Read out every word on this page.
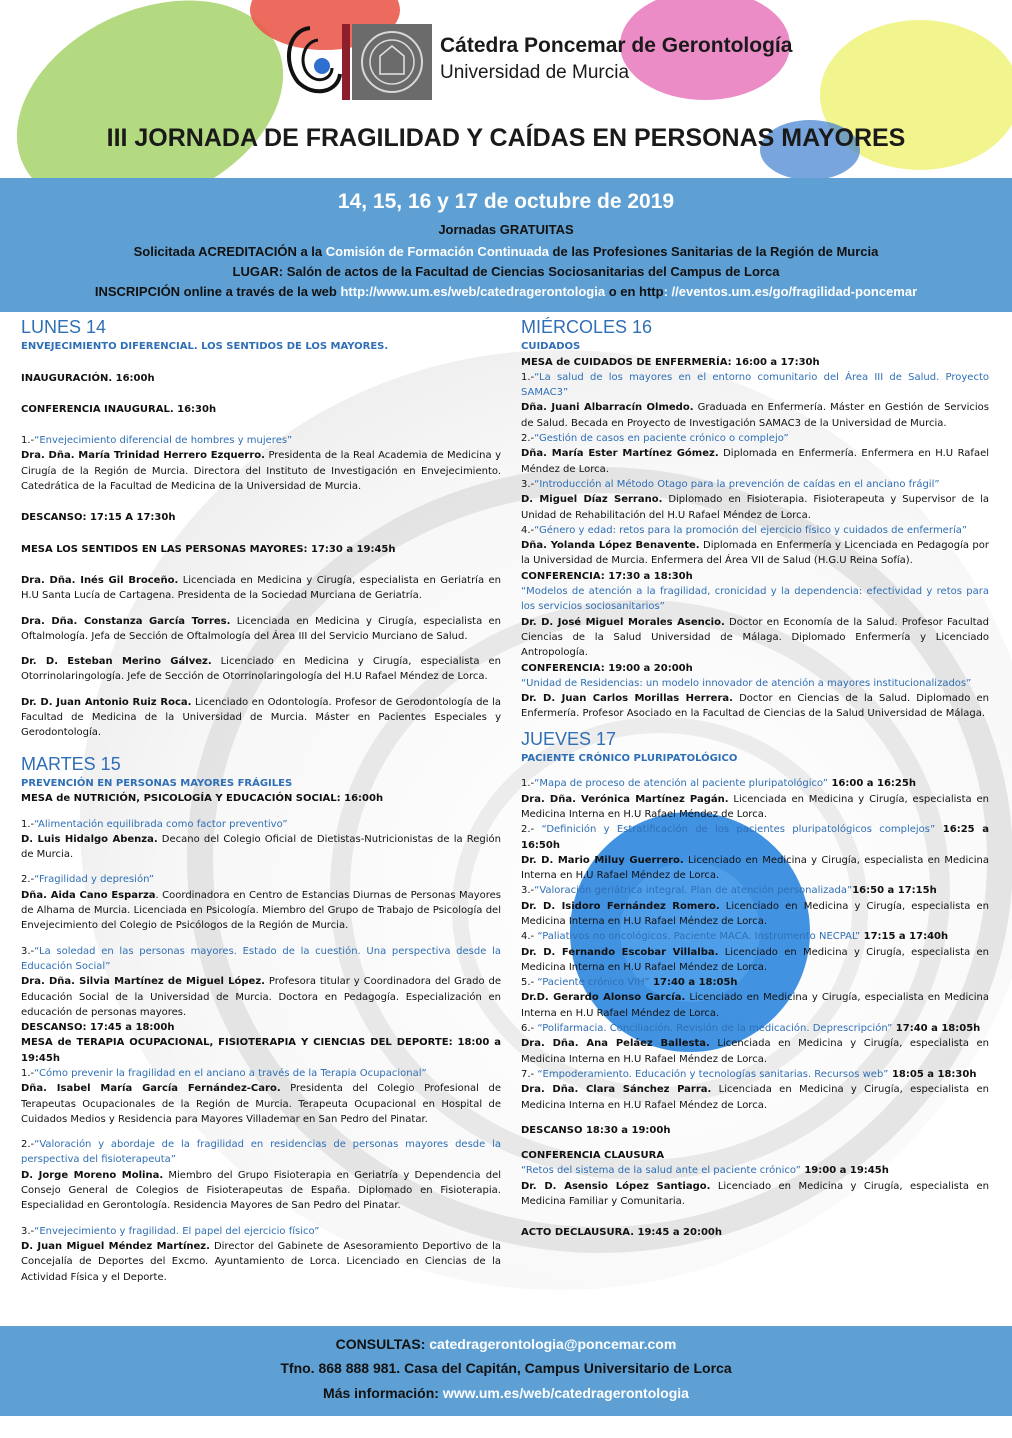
Cátedra Poncemar de Gerontología
Universidad de Murcia
III JORNADA DE FRAGILIDAD Y CAÍDAS EN PERSONAS MAYORES
14, 15, 16 y 17 de octubre de 2019
Jornadas GRATUITAS
Solicitada ACREDITACIÓN a la Comisión de Formación Continuada de las Profesiones Sanitarias de la Región de Murcia
LUGAR: Salón de actos de la Facultad de Ciencias Sociosanitarias del Campus de Lorca
INSCRIPCIÓN online a través de la web http://www.um.es/web/catedragerontologia o en http: //eventos.um.es/go/fragilidad-poncemar
LUNES 14

ENVEJECIMIENTO DIFERENCIAL. LOS SENTIDOS DE LOS MAYORES.

INAUGURACIÓN. 16:00h

CONFERENCIA INAUGURAL. 16:30h

1.-“Envejecimiento diferencial de hombres y mujeres”

Dra. Dña. María Trinidad Herrero Ezquerro. Presidenta de la Real Academia de Medicina y Cirugía de la Región de Murcia. Directora del Instituto de Investigación en Envejecimiento. Catedrática de la Facultad de Medicina de la Universidad de Murcia.

DESCANSO: 17:15 A 17:30h

MESA LOS SENTIDOS EN LAS PERSONAS MAYORES: 17:30 a 19:45h

Dra. Dña. Inés Gil Broceño. Licenciada en Medicina y Cirugía, especialista en Geriatría en H.U Santa Lucía de Cartagena. Presidenta de la Sociedad Murciana de Geriatría.

Dra. Dña. Constanza García Torres. Licenciada en Medicina y Cirugía, especialista en Oftalmología. Jefa de Sección de Oftalmología del Área III del Servicio Murciano de Salud.

Dr. D. Esteban Merino Gálvez. Licenciado en Medicina y Cirugía, especialista en Otorrinolaringología. Jefe de Sección de Otorrinolaringología del H.U Rafael Méndez de Lorca.

Dr. D. Juan Antonio Ruiz Roca. Licenciado en Odontología. Profesor de Gerodontología de la Facultad de Medicina de la Universidad de Murcia. Máster en Pacientes Especiales y Gerodontología.

MARTES 15

PREVENCIÓN EN PERSONAS MAYORES FRÁGILES

MESA de NUTRICIÓN, PSICOLOGÍA Y EDUCACIÓN SOCIAL: 16:00h

1.-“Alimentación equilibrada como factor preventivo”

D. Luis Hidalgo Abenza. Decano del Colegio Oficial de Dietistas-Nutricionistas de la Región de Murcia.

2.-“Fragilidad y depresión”

Dña. Aida Cano Esparza. Coordinadora en Centro de Estancias Diurnas de Personas Mayores de Alhama de Murcia. Licenciada en Psicología. Miembro del Grupo de Trabajo de Psicología del Envejecimiento del Colegio de Psicólogos de la Región de Murcia.

3.-“La soledad en las personas mayores. Estado de la cuestión. Una perspectiva desde la Educación Social”

Dra. Dña. Silvia Martínez de Miguel López. Profesora titular y Coordinadora del Grado de Educación Social de la Universidad de Murcia. Doctora en Pedagogía. Especialización en educación de personas mayores.

DESCANSO: 17:45 a 18:00h

MESA de TERAPIA OCUPACIONAL, FISIOTERAPIA Y CIENCIAS DEL DEPORTE: 18:00 a 19:45h

1.-“Cómo prevenir la fragilidad en el anciano a través de la Terapia Ocupacional”

Dña. Isabel María García Fernández-Caro. Presidenta del Colegio Profesional de Terapeutas Ocupacionales de la Región de Murcia. Terapeuta Ocupacional en Hospital de Cuidados Medios y Residencia para Mayores Villademar en San Pedro del Pinatar.

2.-“Valoración y abordaje de la fragilidad en residencias de personas mayores desde la perspectiva del fisioterapeuta”

D. Jorge Moreno Molina. Miembro del Grupo Fisioterapia en Geriatría y Dependencia del Consejo General de Colegios de Fisioterapeutas de España. Diplomado en Fisioterapia. Especialidad en Gerontología. Residencia Mayores de San Pedro del Pinatar.

3.-“Envejecimiento y fragilidad. El papel del ejercicio físico”

D. Juan Miguel Méndez Martínez. Director del Gabinete de Asesoramiento Deportivo de la Concejalía de Deportes del Excmo. Ayuntamiento de Lorca. Licenciado en Ciencias de la Actividad Física y el Deporte.

MIÉRCOLES 16

CUIDADOS

MESA de CUIDADOS DE ENFERMERÍA: 16:00 a 17:30h

1.-“La salud de los mayores en el entorno comunitario del Área III de Salud. Proyecto SAMAC3”

Dña. Juani Albarracín Olmedo. Graduada en Enfermería. Máster en Gestión de Servicios de Salud. Becada en Proyecto de Investigación SAMAC3 de la Universidad de Murcia.

2.-“Gestión de casos en paciente crónico o complejo”

Dña. María Ester Martínez Gómez. Diplomada en Enfermería. Enfermera en H.U Rafael Méndez de Lorca.

3.-“Introducción al Método Otago para la prevención de caídas en el anciano frágil”

D. Miguel Díaz Serrano. Diplomado en Fisioterapia. Fisioterapeuta y Supervisor de la Unidad de Rehabilitación del H.U Rafael Méndez de Lorca.

4.-“Género y edad: retos para la promoción del ejercicio físico y cuidados de enfermería”

Dña. Yolanda López Benavente. Diplomada en Enfermería y Licenciada en Pedagogía por la Universidad de Murcia. Enfermera del Área VII de Salud (H.G.U Reina Sofía).

CONFERENCIA: 17:30 a 18:30h

“Modelos de atención a la fragilidad, cronicidad y la dependencia: efectividad y retos para los servicios sociosanitarios”

Dr. D. José Miguel Morales Asencio. Doctor en Economía de la Salud. Profesor Facultad Ciencias de la Salud Universidad de Málaga. Diplomado Enfermería y Licenciado Antropología.

CONFERENCIA: 19:00 a 20:00h

“Unidad de Residencias: un modelo innovador de atención a mayores institucionalizados”

Dr. D. Juan Carlos Morillas Herrera. Doctor en Ciencias de la Salud. Diplomado en Enfermería. Profesor Asociado en la Facultad de Ciencias de la Salud Universidad de Málaga.

JUEVES 17

PACIENTE CRÓNICO PLURIPATOLÓGICO

1.-“Mapa de proceso de atención al paciente pluripatológico” 16:00 a 16:25h

Dra. Dña. Verónica Martínez Pagán. Licenciada en Medicina y Cirugía, especialista en Medicina Interna en H.U Rafael Méndez de Lorca.

2.- “Definición y Estratificación de los pacientes pluripatológicos complejos” 16:25 a 16:50h

Dr. D. Mario Miluy Guerrero. Licenciado en Medicina y Cirugía, especialista en Medicina Interna en H.U Rafael Méndez de Lorca.

3.-“Valoración geriátrica integral. Plan de atención personalizada”16:50 a 17:15h

Dr. D. Isidoro Fernández Romero. Licenciado en Medicina y Cirugía, especialista en Medicina Interna en H.U Rafael Méndez de Lorca.

4.- “Paliativos no oncológicos. Paciente MACA. Instrumento NECPAL” 17:15 a 17:40h

Dr. D. Fernando Escobar Villalba. Licenciado en Medicina y Cirugía, especialista en Medicina Interna en H.U Rafael Méndez de Lorca.

5.- “Paciente crónico VIH” 17:40 a 18:05h

Dr.D. Gerardo Alonso García. Licenciado en Medicina y Cirugía, especialista en Medicina Interna en H.U Rafael Méndez de Lorca.

6.- “Polifarmacia. Conciliación. Revisión de la medicación. Deprescripción” 17:40 a 18:05h

Dra. Dña. Ana Peláez Ballesta. Licenciada en Medicina y Cirugía, especialista en Medicina Interna en H.U Rafael Méndez de Lorca.

7.- “Empoderamiento. Educación y tecnologías sanitarias. Recursos web” 18:05 a 18:30h

Dra. Dña. Clara Sánchez Parra. Licenciada en Medicina y Cirugía, especialista en Medicina Interna en H.U Rafael Méndez de Lorca.

DESCANSO 18:30 a 19:00h

CONFERENCIA CLAUSURA

“Retos del sistema de la salud ante el paciente crónico” 19:00 a 19:45h

Dr. D. Asensio López Santiago. Licenciado en Medicina y Cirugía, especialista en Medicina Familiar y Comunitaria.

ACTO DECLAUSURA. 19:45 a 20:00h

CONSULTAS: catedragerontologia@poncemar.com
Tfno. 868 888 981. Casa del Capitán, Campus Universitario de Lorca
Más información: www.um.es/web/catedragerontologia
